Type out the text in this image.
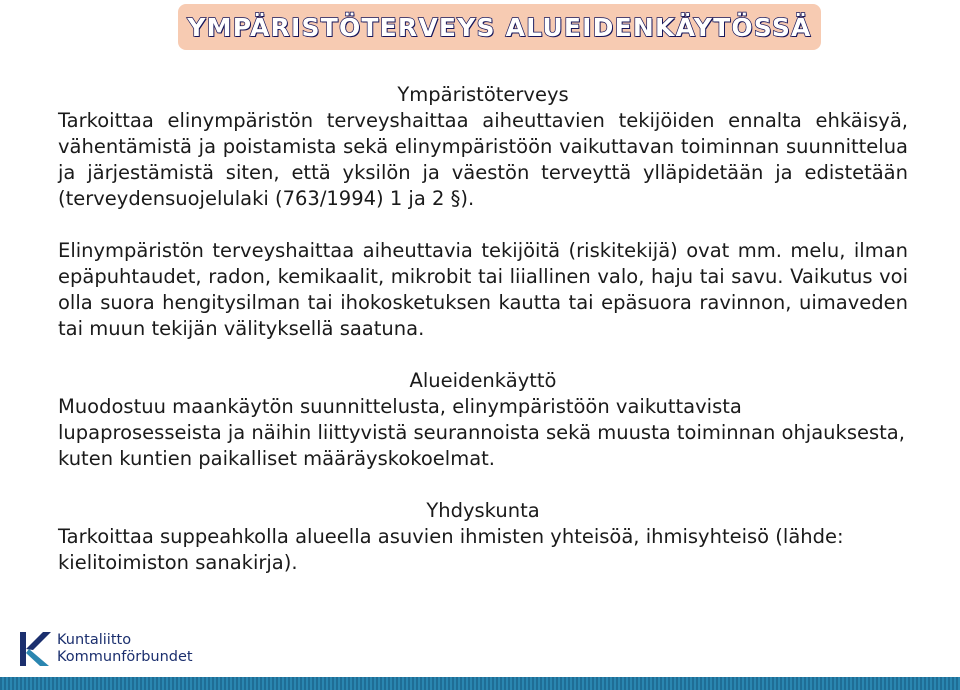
YMPÄRISTÖTERVEYS ALUEIDENKÄYTÖSSÄ

Ympäristöterveys

Tarkoittaa elinympäristön terveyshaittaa aiheuttavien tekijöiden ennalta ehkäisyä, vähentämistä ja poistamista sekä elinympäristöön vaikuttavan toiminnan suunnittelua ja järjestämistä siten, että yksilön ja väestön terveyttä ylläpidetään ja edistetään (terveydensuojelulaki (763/1994) 1 ja 2 §).

Elinympäristön terveyshaittaa aiheuttavia tekijöitä (riskitekijä) ovat mm. melu, ilman epäpuhtaudet, radon, kemikaalit, mikrobit tai liiallinen valo, haju tai savu. Vaikutus voi olla suora hengitysilman tai ihokosketuksen kautta tai epäsuora ravinnon, uimaveden tai muun tekijän välityksellä saatuna.

Alueidenkäyttö

Muodostuu maankäytön suunnittelusta, elinympäristöön vaikuttavista lupaprosesseista ja näihin liittyvistä seurannoista sekä muusta toiminnan ohjauksesta, kuten kuntien paikalliset määräyskokoelmat.

Yhdyskunta

Tarkoittaa suppeahkolla alueella asuvien ihmisten yhteisöä, ihmisyhteisö (lähde: kielitoimiston sanakirja).

Kuntaliitto
Kommunförbundet
